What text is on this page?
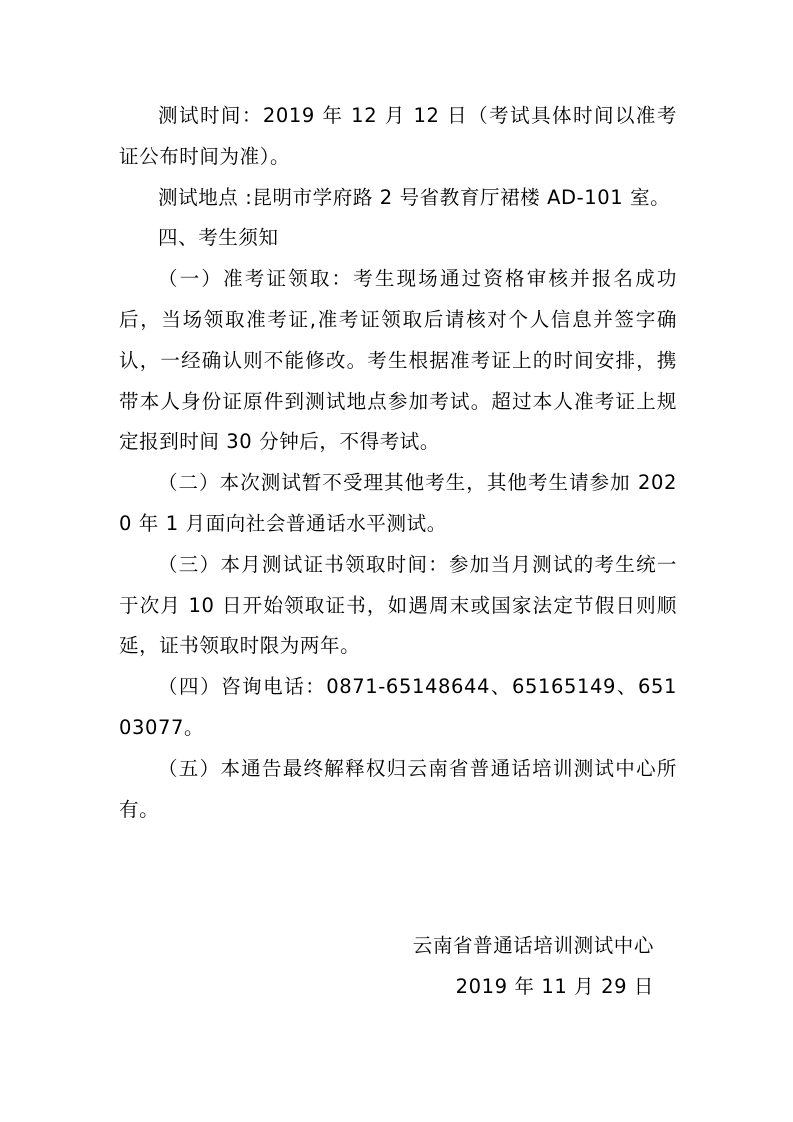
测试时间：2019 年 12 月 12 日（考试具体时间以准考证公布时间为准）。

测试地点 :昆明市学府路 2 号省教育厅裙楼 AD-101 室。

四、考生须知

（一）准考证领取：考生现场通过资格审核并报名成功后，当场领取准考证,准考证领取后请核对个人信息并签字确认，一经确认则不能修改。考生根据准考证上的时间安排，携带本人身份证原件到测试地点参加考试。超过本人准考证上规定报到时间 30 分钟后，不得考试。

（二）本次测试暂不受理其他考生，其他考生请参加 2020 年 1 月面向社会普通话水平测试。

（三）本月测试证书领取时间：参加当月测试的考生统一于次月 10 日开始领取证书，如遇周末或国家法定节假日则顺延，证书领取时限为两年。

（四）咨询电话：0871-65148644、65165149、65103077。

（五）本通告最终解释权归云南省普通话培训测试中心所有。

云南省普通话培训测试中心

2019 年 11 月 29 日
